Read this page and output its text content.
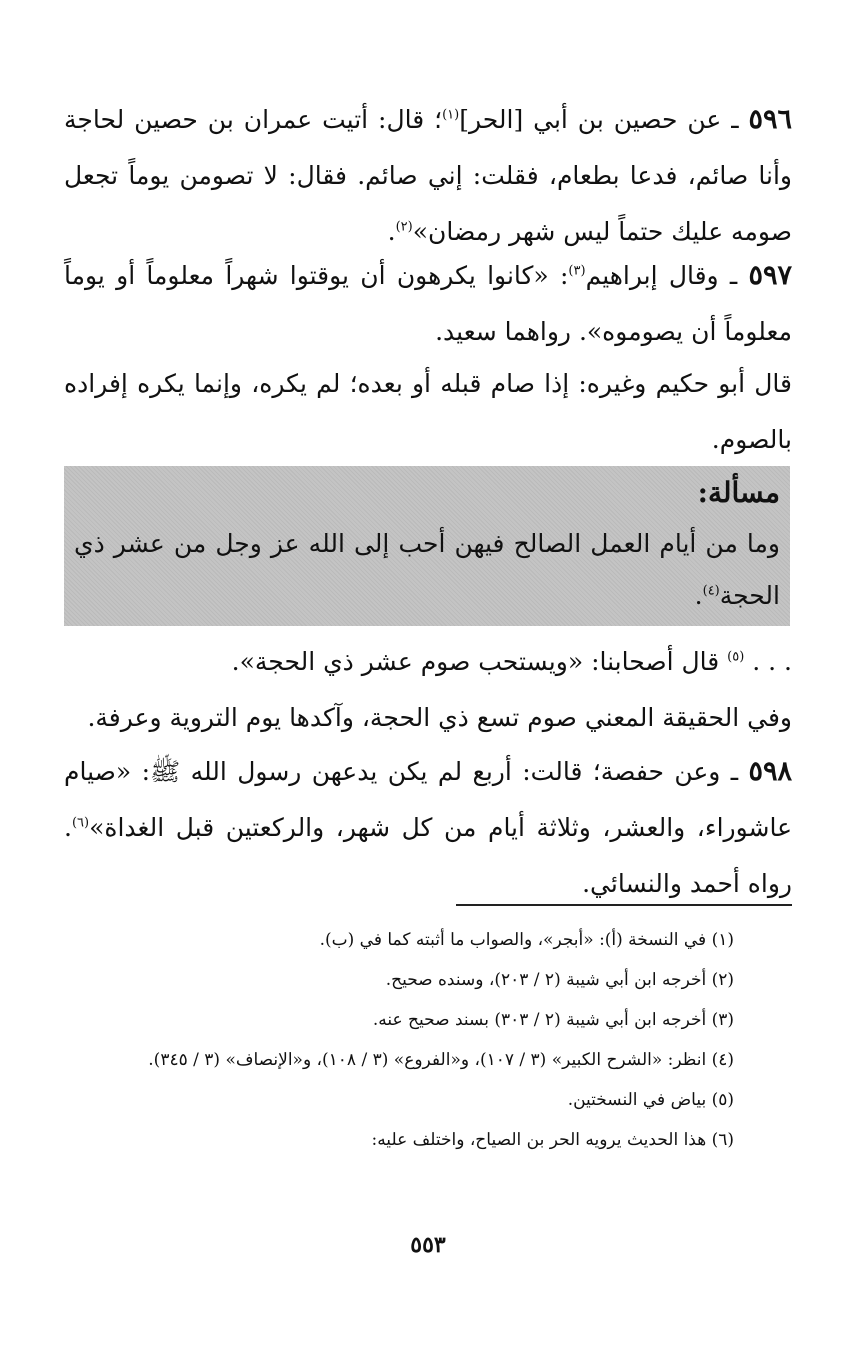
٥٩٦ ـ عن حصين بن أبي [الحر]$^{(١)}$؛ قال: أتيت عمران بن حصين لحاجة وأنا صائم، فدعا بطعام، فقلت: إني صائم. فقال: لا تصومن يوماً تجعل صومه عليك حتماً ليس شهر رمضان»$^{(٢)}$.

٥٩٧ ـ وقال إبراهيم$^{(٣)}$: «كانوا يكرهون أن يوقتوا شهراً معلوماً أو يوماً معلوماً أن يصوموه». رواهما سعيد.

قال أبو حكيم وغيره: إذا صام قبله أو بعده؛ لم يكره، وإنما يكره إفراده بالصوم.

مسألة:

وما من أيام العمل الصالح فيهن أحب إلى الله عز وجل من عشر ذي الحجة$^{(٤)}$.

. . . $^{(٥)}$ قال أصحابنا: «ويستحب صوم عشر ذي الحجة».

وفي الحقيقة المعني صوم تسع ذي الحجة، وآكدها يوم التروية وعرفة.

٥٩٨ ـ وعن حفصة؛ قالت: أربع لم يكن يدعهن رسول الله ﷺ: «صيام عاشوراء، والعشر، وثلاثة أيام من كل شهر، والركعتين قبل الغداة»$^{(٦)}$. رواه أحمد والنسائي.

(١) في النسخة (أ): «أبجر»، والصواب ما أثبته كما في (ب).
(٢) أخرجه ابن أبي شيبة (٢ / ٢٠٣)، وسنده صحيح.
(٣) أخرجه ابن أبي شيبة (٢ / ٣٠٣) بسند صحيح عنه.
(٤) انظر: «الشرح الكبير» (٣ / ١٠٧)، و«الفروع» (٣ / ١٠٨)، و«الإنصاف» (٣ / ٣٤٥).
(٥) بياض في النسختين.
(٦) هذا الحديث يرويه الحر بن الصياح، واختلف عليه:
٥٥٣
